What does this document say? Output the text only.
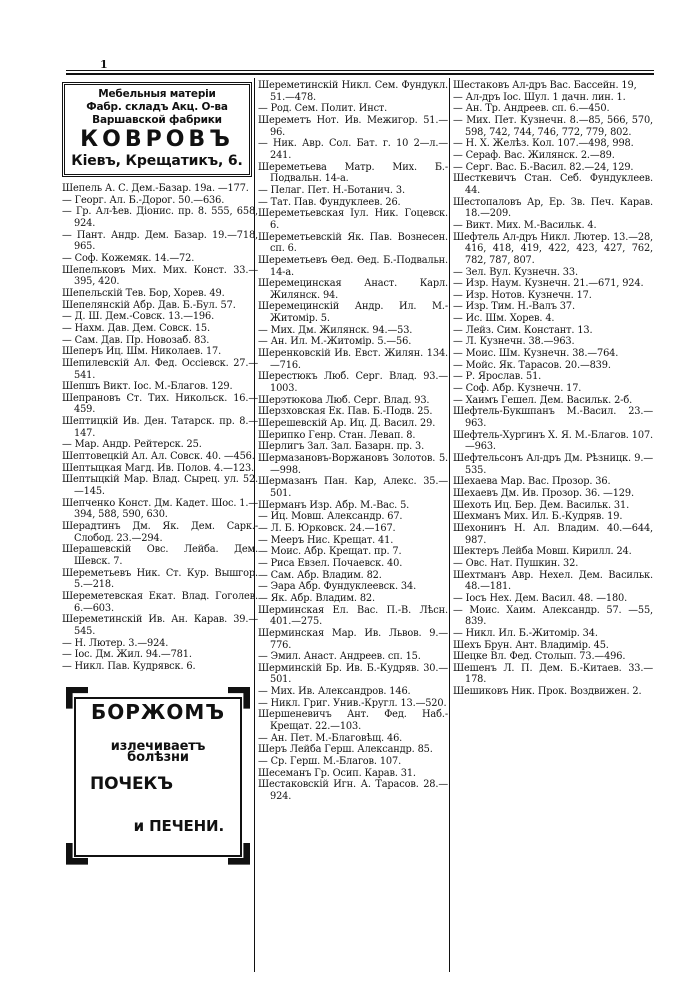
1
Мебельныя матеріи
Фабр. складъ Акц. О-ва
Варшавской фабрики
КОВРОВЪ
Кіевъ, Крещатикъ, 6.

Шепель А. С. Дем.-Базар. 19а. —177.

— Георг. Ал. Б.-Дорог. 50.—636.

— Гр. Ал-ѣев. Діонис. пр. 8. 555, 658, 924.

— Пант. Андр. Дем. Базар. 19.—718, 965.

— Соф. Кожемяк. 14.—72.

Шепельковъ Мих. Мих. Конст. 33.—395, 420.

Шепельскій Тев. Бор, Хорев. 49.

Шепелянскій Абр. Дав. Б.-Бул. 57.

— Д. Ш. Дем.-Совск. 13.—196.

— Нахм. Дав. Дем. Совск. 15.

— Сам. Дав. Пр. Новозаб. 83.

Шеперъ Иц. Шм. Николаев. 17.

Шепилевскій Ал. Фед. Оссіевск. 27.—541.

Шепшъ Викт. Іос. М.-Благов. 129.

Шепрановъ Ст. Тих. Никольск. 16.—459.

Шептицкій Ив. Ден. Татарск. пр. 8.—147.

— Мар. Андр. Рейтерск. 25.

Шептовецкій Ал. Ал. Совск. 40. —456.

Шептыцкая Магд. Ив. Полов. 4.—123.

Шептыцкій Мар. Влад. Сырец. ул. 52.—145.

Шепченко Конст. Дм. Кадет. Шос. 1.—394, 588, 590, 630.

Шерадтинъ Дм. Як. Дем. Сарк.-Слобод. 23.—294.

Шерашевскій Овс. Лейба. Дем. Шевск. 7.

Шереметьевъ Ник. Ст. Кур. Вышгор. 5.—218.

Шереметевская Екат. Влад. Гоголев. 6.—603.

Шереметинскій Ив. Ан. Карав. 39.—545.

— Н. Лютер. 3.—924.

— Іос. Дм. Жил. 94.—781.

— Никл. Пав. Кудрявск. 6.

БОРЖОМЪ
излечиваетъ болѣзни
ПОЧЕКЪ
и ПЕЧЕНИ.

Шереметинскій Никл. Сем. Фундукл. 51.—478.

— Род. Сем. Полит. Инст.

Шереметъ Нот. Ив. Межигор. 51.—96.

— Ник. Авр. Сол. Бат. г. 10 2—л.—241.

Шереметьева Матр. Мих. Б.-Подвальн. 14-а.

— Пелаг. Пет. Н.-Ботанич. 3.

— Тат. Пав. Фундуклеев. 26.

Шереметьевская Іул. Ник. Гоцевск. 6.

Шереметьевскій Як. Пав. Вознесен. сп. 6.

Шереметьевъ Ѳед. Ѳед. Б.-Подвальн. 14-а.

Шеремецинская Анаст. Карл. Жилянск. 94.

Шеремецинскій Андр. Ил. М.-Житомір. 5.

— Мих. Дм. Жилянск. 94.—53.

— Ан. Ил. М.-Житомір. 5.—56.

Шеренковскій Ив. Евст. Жилян. 134.—716.

Шерестюкъ Люб. Серг. Влад. 93.—1003.

Шерэтюкова Люб. Серг. Влад. 93.

Шерзховская Ек. Пав. Б.-Подв. 25.

Шерешевскій Ар. Иц. Д. Васил. 29.

Шерипко Генр. Стан. Левап. 8.

Шерлигъ Зал. Зал. Базарн. пр. 3.

Шермазановъ-Воржановъ Золотов. 5.—998.

Шермазанъ Пан. Кар, Алекс. 35.—501.

Шерманъ Изр. Абр. М.-Вас. 5.

— Иц. Мовш. Александр. 67.

— Л. Б. Юрковск. 24.—167.

— Мееръ Нис. Крещат. 41.

— Моис. Абр. Крещат. пр. 7.

— Риса Евзел. Почаевск. 40.

— Сам. Абр. Владим. 82.

— Эара Абр. Фундуклеевск. 34.

— Як. Абр. Владим. 82.

Шерминская Ел. Вас. П.-В. Лѣсн. 401.—275.

Шерминская Мар. Ив. Львов. 9.—776.

— Эмил. Анаст. Андреев. сп. 15.

Шерминскій Бр. Ив. Б.-Кудряв. 30.—501.

— Мих. Ив. Александров. 146.

— Никл. Григ. Унив.-Кругл. 13.—520.

Шершеневичъ Ант. Фед. Наб.-Крещат. 22.—103.

— Ан. Пет. М.-Благовѣщ. 46.

Шеръ Лейба Герш. Александр. 85.

— Ср. Герш. М.-Благов. 107.

Шесеманъ Гр. Осип. Карав. 31.

Шестаковскій Игн. А. Тарасов. 28.—924.

Шестаковъ Ал-дръ Вас. Бассейн. 19,

— Ал-дръ Іос. Шул. 1 дачн. лин. 1.

— Ан. Тр. Андреев. сп. 6.—450.

— Мих. Пет. Кузнечн. 8.—85, 566, 570, 598, 742, 744, 746, 772, 779, 802.

— Н. Х. Желѣз. Кол. 107.—498, 998.

— Сераф. Вас. Жилянск. 2.—89.

— Серг. Вас. Б.-Васил. 82.—24, 129.

Шесткевичъ Стан. Себ. Фундуклеев. 44.

Шестопаловъ Ар, Ер. Зв. Печ. Карав. 18.—209.

— Викт. Мих. М.-Васильк. 4.

Шефтель Ал-дръ Никл. Лютер. 13.—28, 416, 418, 419, 422, 423, 427, 762, 782, 787, 807.

— Зел. Вул. Кузнечн. 33.

— Изр. Наум. Кузнечн. 21.—671, 924.

— Изр. Нотов. Кузнечн. 17.

— Изр. Тим. Н.-Валъ 37.

— Ис. Шм. Хорев. 4.

— Лейз. Сим. Констант. 13.

— Л. Кузнечн. 38.—963.

— Моис. Шм. Кузнечн. 38.—764.

— Мойс. Як. Тарасов. 20.—839.

— Р. Ярослав. 51.

— Соф. Абр. Кузнечн. 17.

— Хаимъ Гешел. Дем. Васильк. 2-б.

Шефтель-Букшпанъ М.-Васил. 23.—963.

Шефтель-Хургинъ Х. Я. М.-Благов. 107.—963.

Шефтельсонъ Ал-дръ Дм. Рѣзницк. 9.—535.

Шехаева Мар. Вас. Прозор. 36.

Шехаевъ Дм. Ив. Прозор. 36. —129.

Шехоть Иц. Бер. Дем. Васильк. 31.

Шехманъ Мих. Ил. Б.-Кудряв. 19.

Шехонинъ Н. Ал. Владим. 40.—644, 987.

Шектеръ Лейба Мовш. Кирилл. 24.

— Овс. Нат. Пушкин. 32.

Шехтманъ Авр. Нехел. Дем. Васильк. 48.—181.

— Іосъ Нех. Дем. Васил. 48. —180.

— Моис. Хаим. Александр. 57. —55, 839.

— Никл. Ил. Б.-Житомір. 34.

Шехъ Брун. Ант. Владимір. 45.

Шецке Вл. Фед. Столып. 73.—496.

Шешенъ Л. П. Дем. Б.-Китаев. 33.—178.

Шешиковъ Ник. Прок. Воздвижен. 2.
